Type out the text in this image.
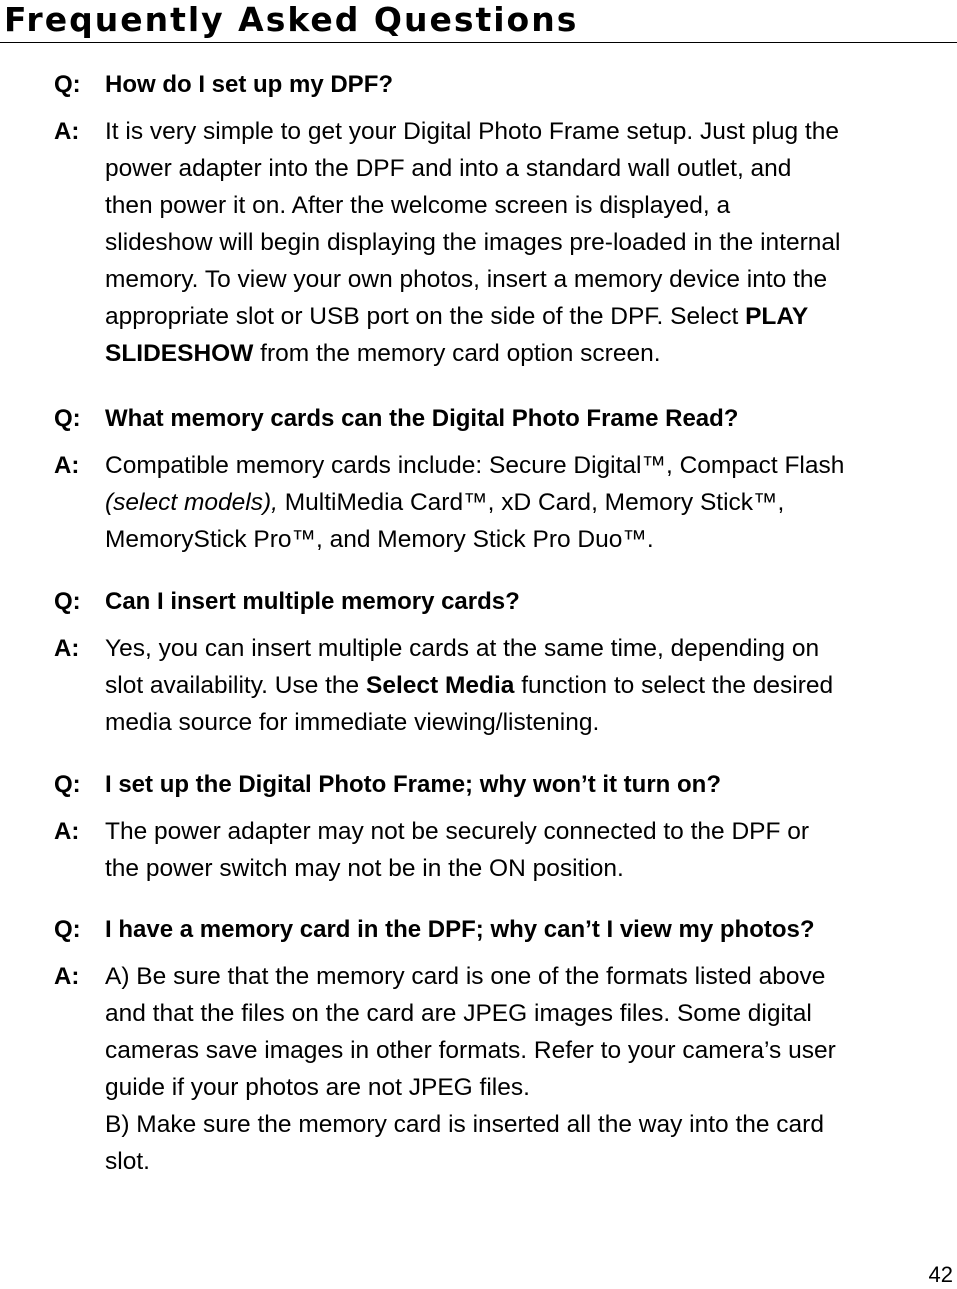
Frequently Asked Questions
Q: How do I set up my DPF?
A: It is very simple to get your Digital Photo Frame setup. Just plug the
power adapter into the DPF and into a standard wall outlet, and
then power it on. After the welcome screen is displayed, a
slideshow will begin displaying the images pre-loaded in the internal
memory. To view your own photos, insert a memory device into the
appropriate slot or USB port on the side of the DPF. Select PLAY
SLIDESHOW from the memory card option screen.
Q: What memory cards can the Digital Photo Frame Read?
A: Compatible memory cards include: Secure Digital™, Compact Flash
(select models), MultiMedia Card™, xD Card, Memory Stick™,
MemoryStick Pro™, and Memory Stick Pro Duo™.
Q: Can I insert multiple memory cards?
A: Yes, you can insert multiple cards at the same time, depending on
slot availability. Use the Select Media function to select the desired
media source for immediate viewing/listening.
Q: I set up the Digital Photo Frame; why won’t it turn on?
A: The power adapter may not be securely connected to the DPF or
the power switch may not be in the ON position.
Q: I have a memory card in the DPF; why can’t I view my photos?
A: A) Be sure that the memory card is one of the formats listed above
and that the files on the card are JPEG images files. Some digital
cameras save images in other formats. Refer to your camera’s user
guide if your photos are not JPEG files.
B) Make sure the memory card is inserted all the way into the card
slot.
42
